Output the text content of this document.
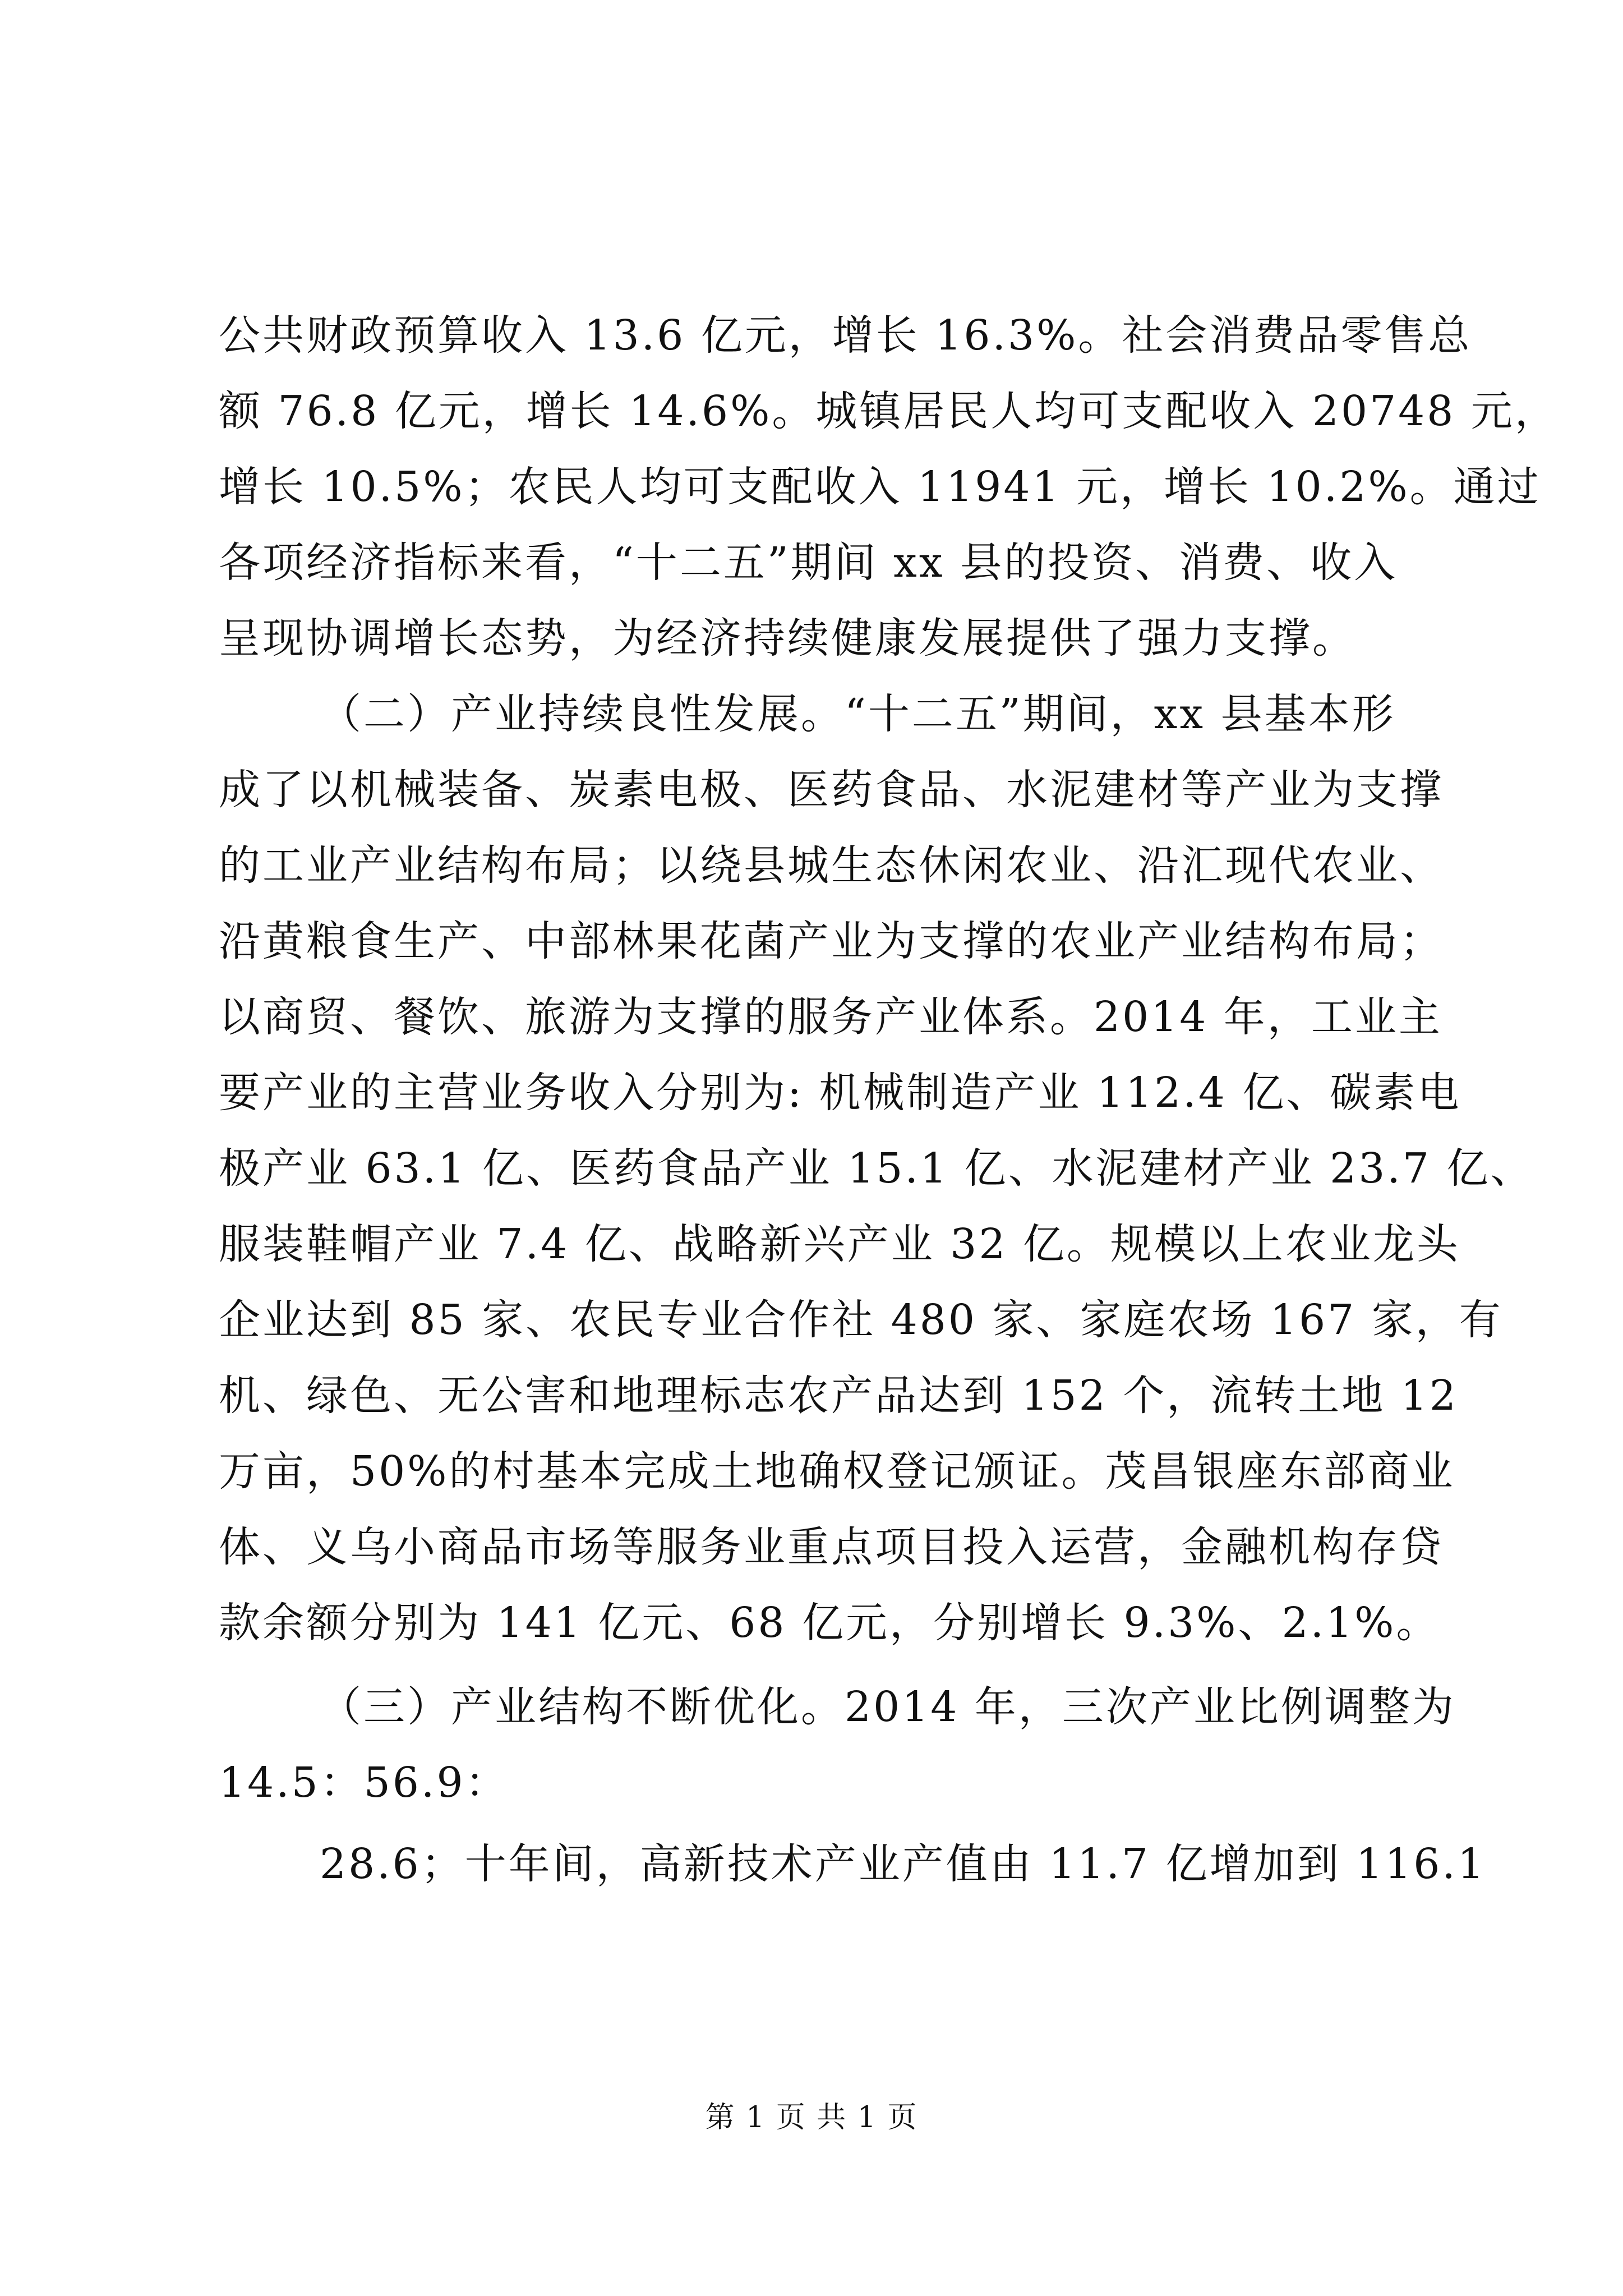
公共财政预算收入 13.6 亿元，增长 16.3%。社会消费品零售总

额 76.8 亿元，增长 14.6%。城镇居民人均可支配收入 20748 元，

增长 10.5%；农民人均可支配收入 11941 元，增长 10.2%。通过

各项经济指标来看，“十二五”期间 xx 县的投资、消费、收入

呈现协调增长态势，为经济持续健康发展提供了强力支撑。

（二）产业持续良性发展。“十二五”期间，xx 县基本形

成了以机械装备、炭素电极、医药食品、水泥建材等产业为支撑

的工业产业结构布局；以绕县城生态休闲农业、沿汇现代农业、

沿黄粮食生产、中部林果花菌产业为支撑的农业产业结构布局；

以商贸、餐饮、旅游为支撑的服务产业体系。2014 年，工业主

要产业的主营业务收入分别为: 机械制造产业 112.4 亿、碳素电

极产业 63.1 亿、医药食品产业 15.1 亿、水泥建材产业 23.7 亿、

服装鞋帽产业 7.4 亿、战略新兴产业 32 亿。规模以上农业龙头

企业达到 85 家、农民专业合作社 480 家、家庭农场 167 家，有

机、绿色、无公害和地理标志农产品达到 152 个，流转土地 12

万亩，50%的村基本完成土地确权登记颁证。茂昌银座东部商业

体、义乌小商品市场等服务业重点项目投入运营，金融机构存贷

款余额分别为 141 亿元、68 亿元，分别增长 9.3%、2.1%。

（三）产业结构不断优化。2014 年，三次产业比例调整为

14.5：56.9：

28.6；十年间，高新技术产业产值由 11.7 亿增加到 116.1

第 1 页 共 1 页
